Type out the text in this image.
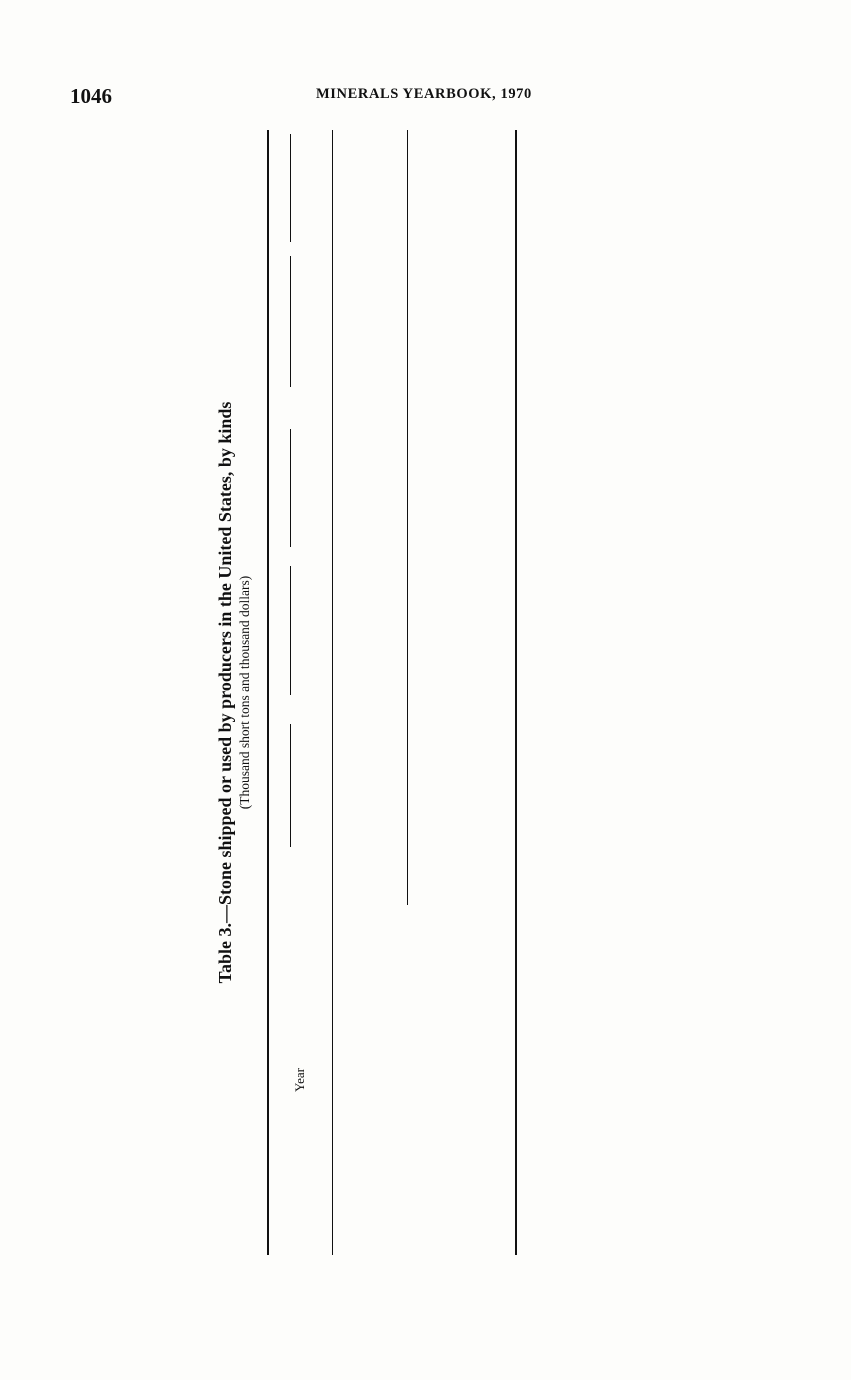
1046	MINERALS YEARBOOK, 1970
Table 3.—Stone shipped or used by producers in the United States, by kinds (Thousand short tons and thousand dollars)
Year
